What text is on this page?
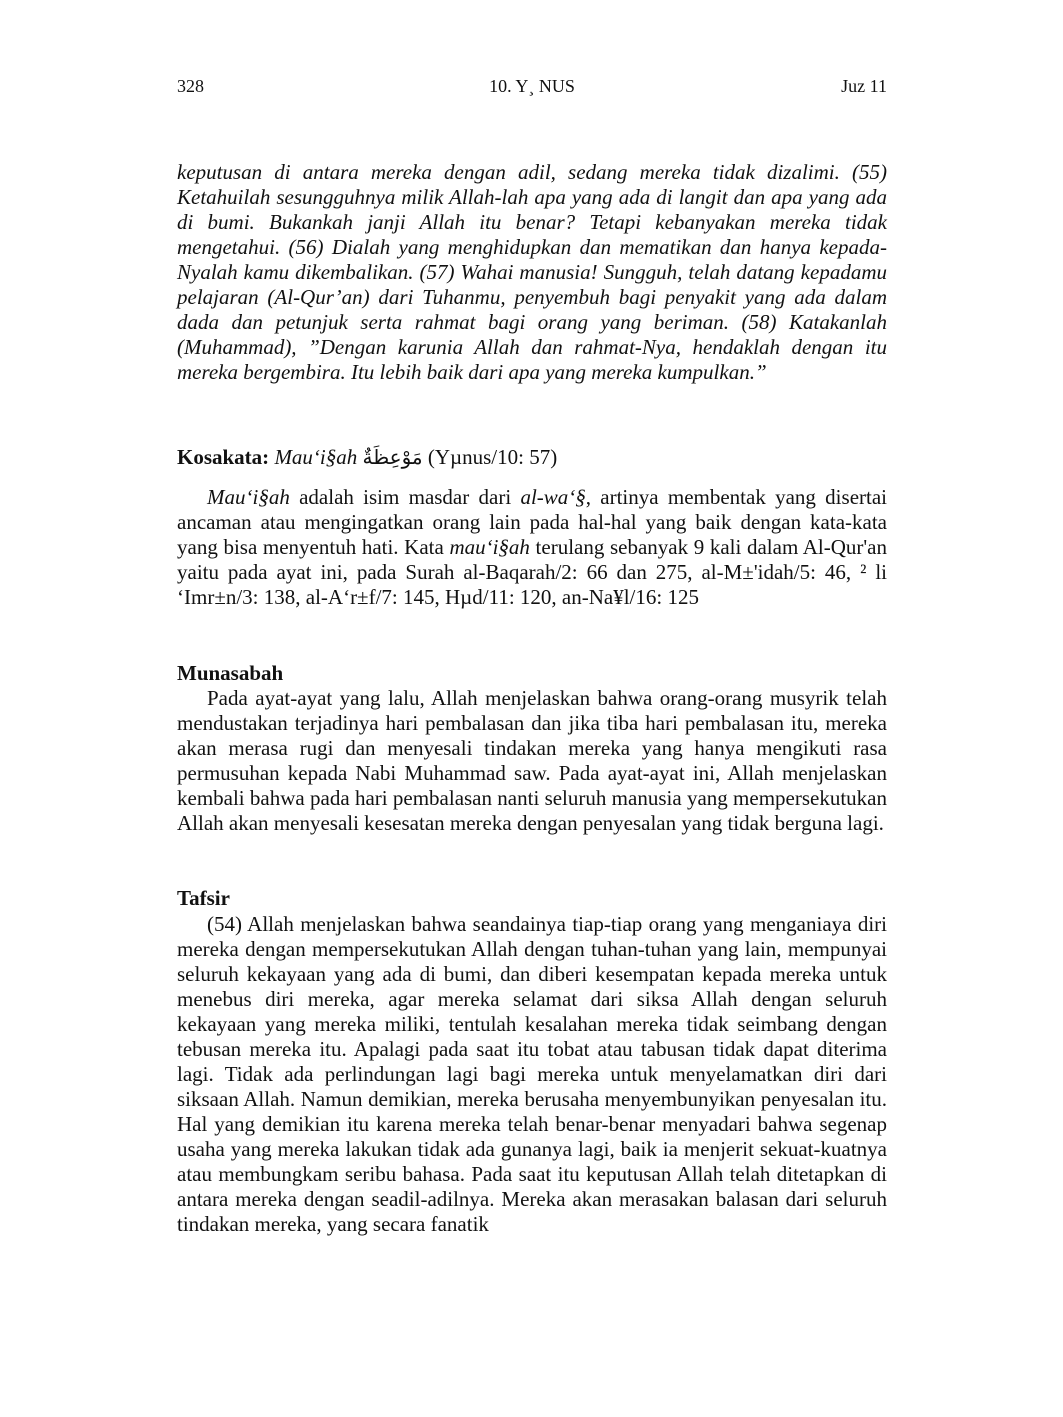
328	10. Y¸ NUS	Juz 11

keputusan di antara mereka dengan adil, sedang mereka tidak dizalimi. (55) Ketahuilah sesungguhnya milik Allah-lah apa yang ada di langit dan apa yang ada di bumi. Bukankah janji Allah itu benar? Tetapi kebanyakan mereka tidak mengetahui. (56) Dialah yang menghidupkan dan mematikan dan hanya kepada-Nyalah kamu dikembalikan. (57) Wahai manusia! Sungguh, telah datang kepadamu pelajaran (Al-Qur’an) dari Tuhanmu, penyembuh bagi penyakit yang ada dalam dada dan petunjuk serta rahmat bagi orang yang beriman. (58) Katakanlah (Muhammad), ”Dengan karunia Allah dan rahmat-Nya, hendaklah dengan itu mereka bergembira. Itu lebih baik dari apa yang mereka kumpulkan.”

Kosakata: Mau‘i§ah مَوْعِظَةٌ (Yµnus/10: 57)

Mau‘i§ah adalah isim masdar dari al-wa‘§, artinya membentak yang disertai ancaman atau mengingatkan orang lain pada hal-hal yang baik dengan kata-kata yang bisa menyentuh hati. Kata mau‘i§ah terulang sebanyak 9 kali dalam Al-Qur'an yaitu pada ayat ini, pada Surah al-Baqarah/2: 66 dan 275, al-M±'idah/5: 46, ² li ‘Imr±n/3: 138, al-A‘r±f/7: 145, Hµd/11: 120, an-Na¥l/16: 125

Munasabah

Pada ayat-ayat yang lalu, Allah menjelaskan bahwa orang-orang musyrik telah mendustakan terjadinya hari pembalasan dan jika tiba hari pembalasan itu, mereka akan merasa rugi dan menyesali tindakan mereka yang hanya mengikuti rasa permusuhan kepada Nabi Muhammad saw. Pada ayat-ayat ini, Allah menjelaskan kembali bahwa pada hari pembalasan nanti seluruh manusia yang mempersekutukan Allah akan menyesali kesesatan mereka dengan penyesalan yang tidak berguna lagi.

Tafsir

(54) Allah menjelaskan bahwa seandainya tiap-tiap orang yang menganiaya diri mereka dengan mempersekutukan Allah dengan tuhan-tuhan yang lain, mempunyai seluruh kekayaan yang ada di bumi, dan diberi kesempatan kepada mereka untuk menebus diri mereka, agar mereka selamat dari siksa Allah dengan seluruh kekayaan yang mereka miliki, tentulah kesalahan mereka tidak seimbang dengan tebusan mereka itu. Apalagi pada saat itu tobat atau tabusan tidak dapat diterima lagi. Tidak ada perlindungan lagi bagi mereka untuk menyelamatkan diri dari siksaan Allah. Namun demikian, mereka berusaha menyembunyikan penyesalan itu. Hal yang demikian itu karena mereka telah benar-benar menyadari bahwa segenap usaha yang mereka lakukan tidak ada gunanya lagi, baik ia menjerit sekuat-kuatnya atau membungkam seribu bahasa. Pada saat itu keputusan Allah telah ditetapkan di antara mereka dengan seadil-adilnya. Mereka akan merasakan balasan dari seluruh tindakan mereka, yang secara fanatik
